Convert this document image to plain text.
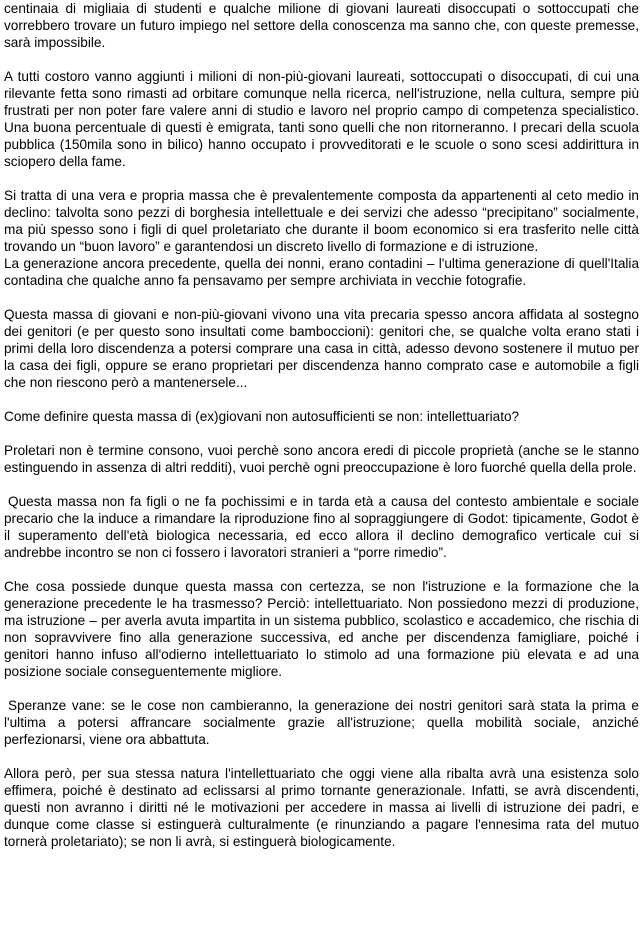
centinaia di migliaia di studenti e qualche milione di giovani laureati disoccupati o sottoccupati che vorrebbero trovare un futuro impiego nel settore della conoscenza ma sanno che, con queste premesse, sarà impossibile.

A tutti costoro vanno aggiunti i milioni di non-più-giovani laureati, sottoccupati o disoccupati, di cui una rilevante fetta sono rimasti ad orbitare comunque nella ricerca, nell'istruzione, nella cultura, sempre più frustrati per non poter fare valere anni di studio e lavoro nel proprio campo di competenza specialistico. Una buona percentuale di questi è emigrata, tanti sono quelli che non ritorneranno. I precari della scuola pubblica (150mila sono in bilico) hanno occupato i provveditorati e le scuole o sono scesi addirittura in sciopero della fame.

Si tratta di una vera e propria massa che è prevalentemente composta da appartenenti al ceto medio in declino: talvolta sono pezzi di borghesia intellettuale e dei servizi che adesso “precipitano” socialmente, ma più spesso sono i figli di quel proletariato che durante il boom economico si era trasferito nelle città trovando un “buon lavoro” e garantendosi un discreto livello di formazione e di istruzione.

La generazione ancora precedente, quella dei nonni, erano contadini – l'ultima generazione di quell'Italia contadina che qualche anno fa pensavamo per sempre archiviata in vecchie fotografie.

Questa massa di giovani e non-più-giovani vivono una vita precaria spesso ancora affidata al sostegno dei genitori (e per questo sono insultati come bamboccioni): genitori che, se qualche volta erano stati i primi della loro discendenza a potersi comprare una casa in città, adesso devono sostenere il mutuo per la casa dei figli, oppure se erano proprietari per discendenza hanno comprato case e automobile a figli che non riescono però a mantenersele...

Come definire questa massa di (ex)giovani non autosufficienti se non: intellettuariato?

Proletari non è termine consono, vuoi perchè sono ancora eredi di piccole proprietà (anche se le stanno estinguendo in assenza di altri redditi), vuoi perchè ogni preoccupazione è loro fuorché quella della prole.

Questa massa non fa figli o ne fa pochissimi e in tarda età a causa del contesto ambientale e sociale precario che la induce a rimandare la riproduzione fino al sopraggiungere di Godot: tipicamente, Godot è il superamento dell'età biologica necessaria, ed ecco allora il declino demografico verticale cui si andrebbe incontro se non ci fossero i lavoratori stranieri a “porre rimedio”.

Che cosa possiede dunque questa massa con certezza, se non l'istruzione e la formazione che la generazione precedente le ha trasmesso? Perciò: intellettuariato. Non possiedono mezzi di produzione, ma istruzione – per averla avuta impartita in un sistema pubblico, scolastico e accademico, che rischia di non sopravvivere fino alla generazione successiva, ed anche per discendenza famigliare, poiché i genitori hanno infuso all'odierno intellettuariato lo stimolo ad una formazione più elevata e ad una posizione sociale conseguentemente migliore.

Speranze vane: se le cose non cambieranno, la generazione dei nostri genitori sarà stata la prima e l'ultima a potersi affrancare socialmente grazie all'istruzione; quella mobilità sociale, anziché perfezionarsi, viene ora abbattuta.

Allora però, per sua stessa natura l'intellettuariato che oggi viene alla ribalta avrà una esistenza solo effimera, poiché è destinato ad eclissarsi al primo tornante generazionale. Infatti, se avrà discendenti, questi non avranno i diritti né le motivazioni per accedere in massa ai livelli di istruzione dei padri, e dunque come classe si estinguerà culturalmente (e rinunziando a pagare l'ennesima rata del mutuo tornerà proletariato); se non li avrà, si estinguerà biologicamente.
